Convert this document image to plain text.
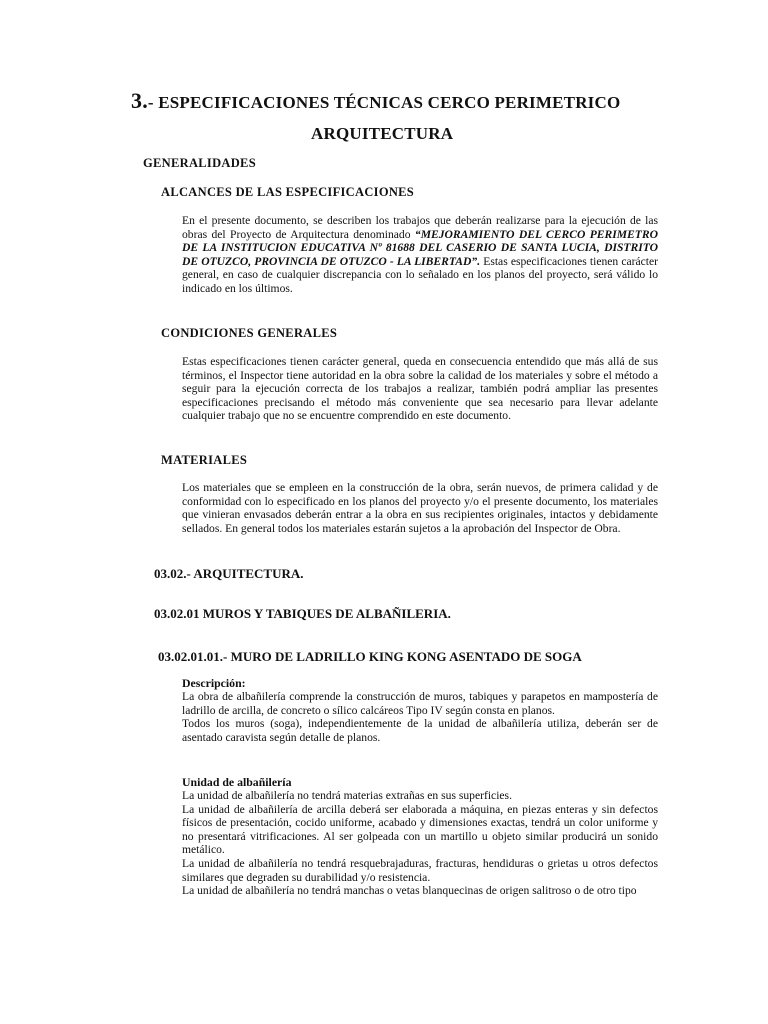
3.- ESPECIFICACIONES TÉCNICAS CERCO PERIMETRICO
ARQUITECTURA
GENERALIDADES
ALCANCES DE LAS ESPECIFICACIONES
En el presente documento, se describen los trabajos que deberán realizarse para la ejecución de las obras del Proyecto de Arquitectura denominado “MEJORAMIENTO DEL CERCO PERIMETRO DE LA INSTITUCION EDUCATIVA Nº 81688 DEL CASERIO DE SANTA LUCIA, DISTRITO DE OTUZCO, PROVINCIA DE OTUZCO - LA LIBERTAD”. Estas especificaciones tienen carácter general, en caso de cualquier discrepancia con lo señalado en los planos del proyecto, será válido lo indicado en los últimos.
CONDICIONES GENERALES
Estas especificaciones tienen carácter general, queda en consecuencia entendido que más allá de sus términos, el Inspector tiene autoridad en la obra sobre la calidad de los materiales y sobre el método a seguir para la ejecución correcta de los trabajos a realizar, también podrá ampliar las presentes especificaciones precisando el método más conveniente que sea necesario para llevar adelante cualquier trabajo que no se encuentre comprendido en este documento.
MATERIALES
Los materiales que se empleen en la construcción de la obra, serán nuevos, de primera calidad y de conformidad con lo especificado en los planos del proyecto y/o el presente documento, los materiales que vinieran envasados deberán entrar a la obra en sus recipientes originales, intactos y debidamente sellados. En general todos los materiales estarán sujetos a la aprobación del Inspector de Obra.
03.02.- ARQUITECTURA.
03.02.01 MUROS Y TABIQUES DE ALBAÑILERIA.
03.02.01.01.- MURO DE LADRILLO KING KONG ASENTADO DE SOGA
Descripción:
La obra de albañilería comprende la construcción de muros, tabiques y parapetos en mampostería de ladrillo de arcilla, de concreto o sílico calcáreos Tipo IV según consta en planos.
Todos los muros (soga), independientemente de la unidad de albañilería utiliza, deberán ser de asentado caravista según detalle de planos.
Unidad de albañilería
La unidad de albañilería no tendrá materias extrañas en sus superficies.
La unidad de albañilería de arcilla deberá ser elaborada a máquina, en piezas enteras y sin defectos físicos de presentación, cocido uniforme, acabado y dimensiones exactas, tendrá un color uniforme y no presentará vitrificaciones. Al ser golpeada con un martillo u objeto similar producirá un sonido metálico.
La unidad de albañilería no tendrá resquebrajaduras, fracturas, hendiduras o grietas u otros defectos similares que degraden su durabilidad y/o resistencia.
La unidad de albañilería no tendrá manchas o vetas blanquecinas de origen salitroso o de otro tipo
